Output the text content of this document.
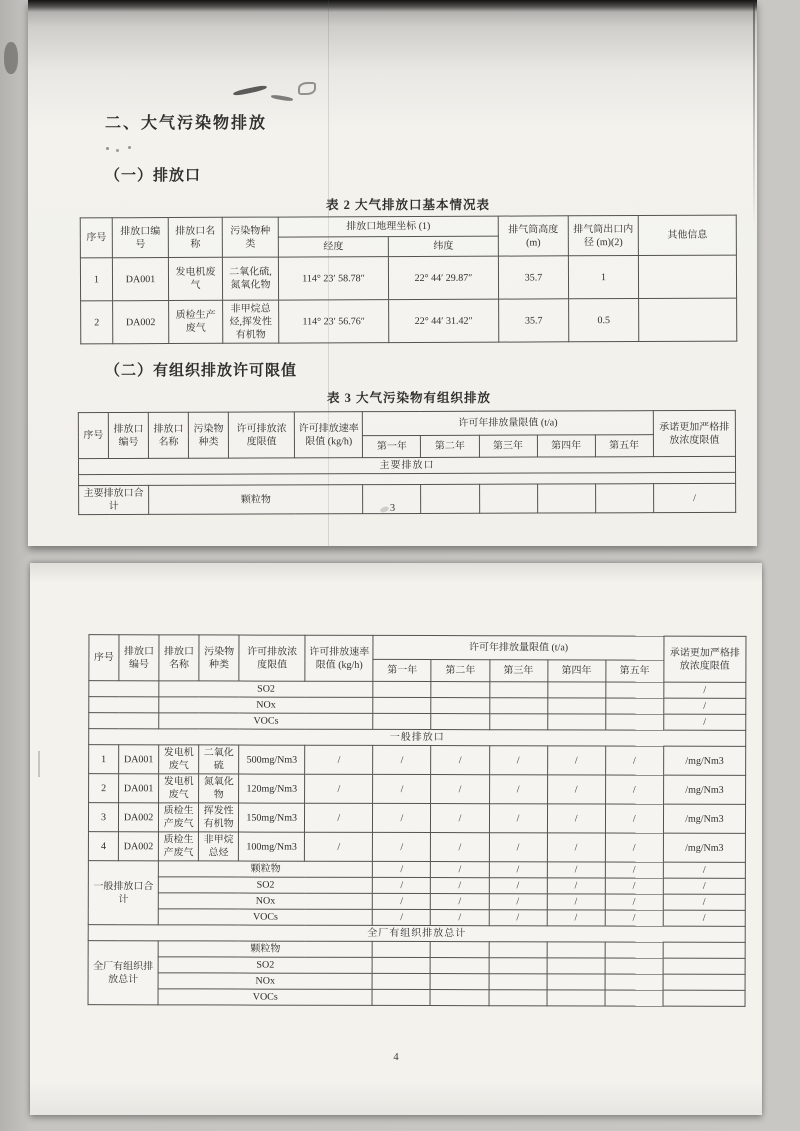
二、大气污染物排放
（一）排放口
表 2 大气排放口基本情况表
序号	排放口编号	排放口名称	污染物种类	排放口地理坐标 (1)		排气筒高度 (m)	排气筒出口内径 (m)(2)	其他信息
				经度	纬度			
1	DA001	发电机废气	二氧化硫,氮氧化物	114° 23′ 58.78″	22° 44′ 29.87″	35.7	1	
2	DA002	质检生产废气	非甲烷总烃,挥发性有机物	114° 23′ 56.76″	22° 44′ 31.42″	35.7	0.5	
（二）有组织排放许可限值
表 3 大气污染物有组织排放
序号	排放口编号	排放口名称	污染物种类	许可排放浓度限值	许可排放速率限值 (kg/h)	许可年排放量限值 (t/a)					承诺更加严格排放浓度限值
						第一年	第二年	第三年	第四年	第五年	
主要排放口											

主要排放口合计		颗粒物									/
3
序号	排放口编号	排放口名称	污染物种类	许可排放浓度限值	许可排放速率限值 (kg/h)	许可年排放量限值 (t/a)					承诺更加严格排放浓度限值
						第一年	第二年	第三年	第四年	第五年	
		SO2									/
		NOx									/
		VOCs									/
一般排放口											
1	DA001	发电机废气	二氧化硫	500mg/Nm3	/	/	/	/	/	/	/mg/Nm3
2	DA001	发电机废气	氮氧化物	120mg/Nm3	/	/	/	/	/	/	/mg/Nm3
3	DA002	质检生产废气	挥发性有机物	150mg/Nm3	/	/	/	/	/	/	/mg/Nm3
4	DA002	质检生产废气	非甲烷总烃	100mg/Nm3	/	/	/	/	/	/	/mg/Nm3
一般排放口合计		颗粒物				/	/	/	/	/	/
		SO2				/	/	/	/	/	/
		NOx				/	/	/	/	/	/
		VOCs				/	/	/	/	/	/
全厂有组织排放总计											
全厂有组织排放总计		颗粒物									
		SO2									
		NOx									
		VOCs									
4
